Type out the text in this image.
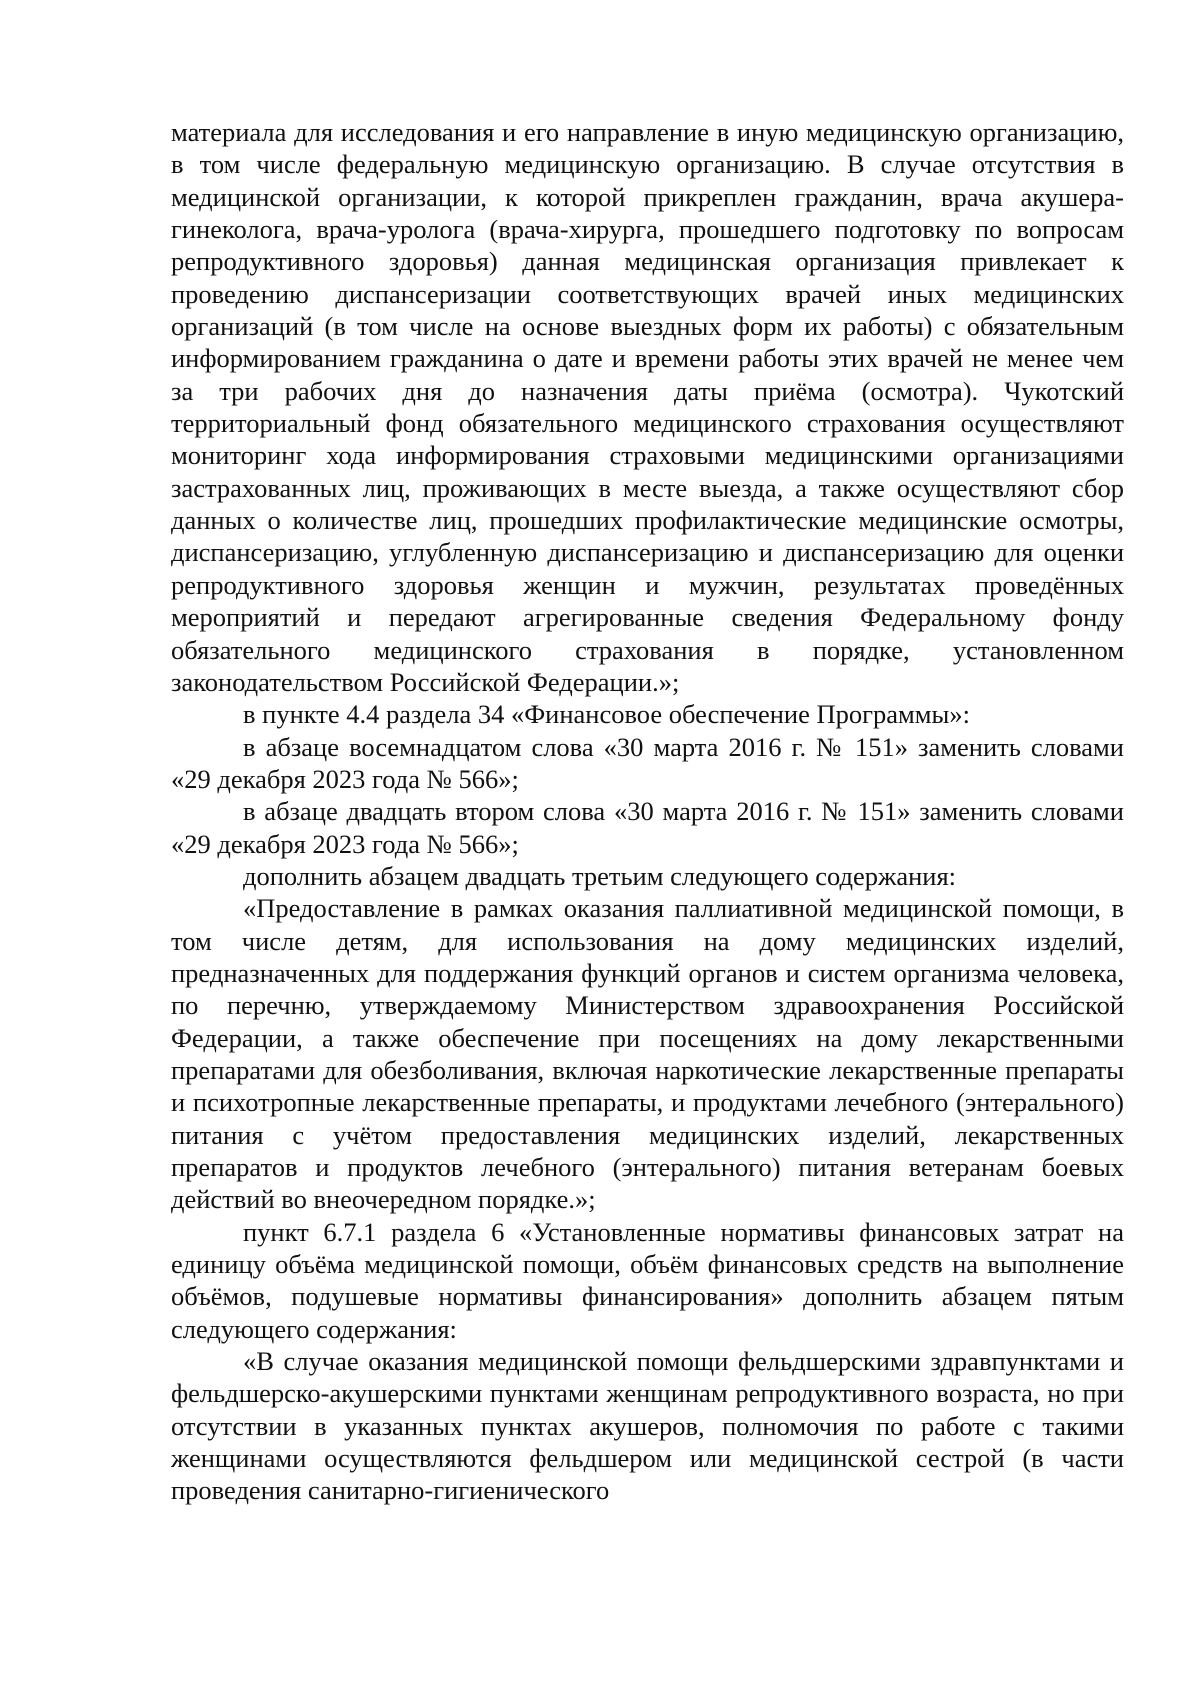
материала для исследования и его направление в иную медицинскую организацию, в том числе федеральную медицинскую организацию. В случае отсутствия в медицинской организации, к которой прикреплен гражданин, врача акушера-гинеколога, врача-уролога (врача-хирурга, прошедшего подготовку по вопросам репродуктивного здоровья) данная медицинская организация привлекает к проведению диспансеризации соответствующих врачей иных медицинских организаций (в том числе на основе выездных форм их работы) с обязательным информированием гражданина о дате и времени работы этих врачей не менее чем за три рабочих дня до назначения даты приёма (осмотра). Чукотский территориальный фонд обязательного медицинского страхования осуществляют мониторинг хода информирования страховыми медицинскими организациями застрахованных лиц, проживающих в месте выезда, а также осуществляют сбор данных о количестве лиц, прошедших профилактические медицинские осмотры, диспансеризацию, углубленную диспансеризацию и диспансеризацию для оценки репродуктивного здоровья женщин и мужчин, результатах проведённых мероприятий и передают агрегированные сведения Федеральному фонду обязательного медицинского страхования в порядке, установленном законодательством Российской Федерации.»;

в пункте 4.4 раздела 34 «Финансовое обеспечение Программы»:

в абзаце восемнадцатом слова «30 марта 2016 г. № 151» заменить словами «29 декабря 2023 года № 566»;

в абзаце двадцать втором слова «30 марта 2016 г. № 151» заменить словами «29 декабря 2023 года № 566»;

дополнить абзацем двадцать третьим следующего содержания:

«Предоставление в рамках оказания паллиативной медицинской помощи, в том числе детям, для использования на дому медицинских изделий, предназначенных для поддержания функций органов и систем организма человека, по перечню, утверждаемому Министерством здравоохранения Российской Федерации, а также обеспечение при посещениях на дому лекарственными препаратами для обезболивания, включая наркотические лекарственные препараты и психотропные лекарственные препараты, и продуктами лечебного (энтерального) питания с учётом предоставления медицинских изделий, лекарственных препаратов и продуктов лечебного (энтерального) питания ветеранам боевых действий во внеочередном порядке.»;

пункт 6.7.1 раздела 6 «Установленные нормативы финансовых затрат на единицу объёма медицинской помощи, объём финансовых средств на выполнение объёмов, подушевые нормативы финансирования» дополнить абзацем пятым следующего содержания:

«В случае оказания медицинской помощи фельдшерскими здравпунктами и фельдшерско-акушерскими пунктами женщинам репродуктивного возраста, но при отсутствии в указанных пунктах акушеров, полномочия по работе с такими женщинами осуществляются фельдшером или медицинской сестрой (в части проведения санитарно-гигиенического
